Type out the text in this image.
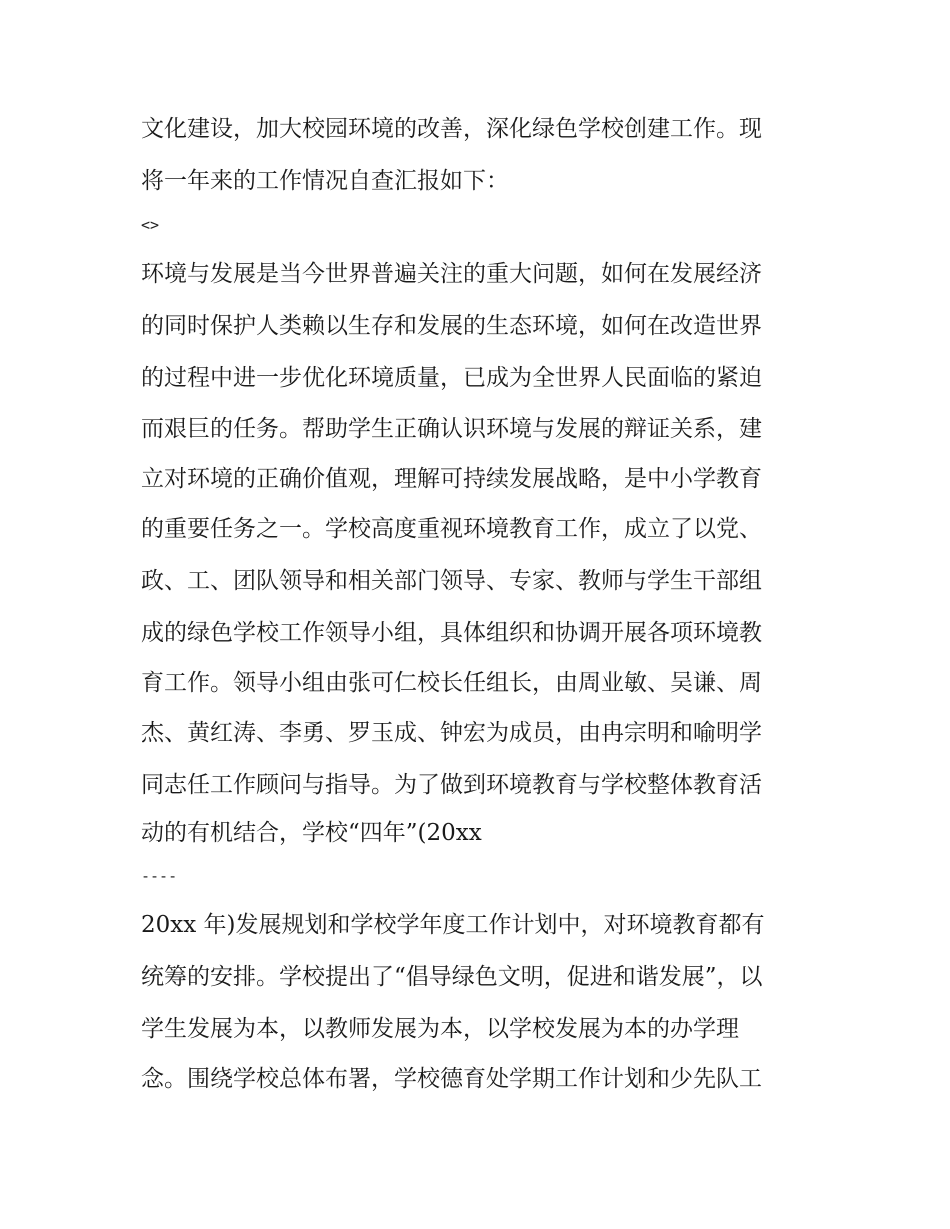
文化建设，加大校园环境的改善，深化绿色学校创建工作。现

将一年来的工作情况自查汇报如下：

<>

环境与发展是当今世界普遍关注的重大问题，如何在发展经济

的同时保护人类赖以生存和发展的生态环境，如何在改造世界

的过程中进一步优化环境质量，已成为全世界人民面临的紧迫

而艰巨的任务。帮助学生正确认识环境与发展的辩证关系，建

立对环境的正确价值观，理解可持续发展战略，是中小学教育

的重要任务之一。学校高度重视环境教育工作，成立了以党、

政、工、团队领导和相关部门领导、专家、教师与学生干部组

成的绿色学校工作领导小组，具体组织和协调开展各项环境教

育工作。领导小组由张可仁校长任组长，由周业敏、吴谦、周

杰、黄红涛、李勇、罗玉成、钟宏为成员，由冉宗明和喻明学

同志任工作顾问与指导。为了做到环境教育与学校整体教育活

动的有机结合，学校“四年”(20xx

----

20xx 年)发展规划和学校学年度工作计划中，对环境教育都有

统筹的安排。学校提出了“倡导绿色文明，促进和谐发展”，以

学生发展为本，以教师发展为本，以学校发展为本的办学理

念。围绕学校总体布署，学校德育处学期工作计划和少先队工
